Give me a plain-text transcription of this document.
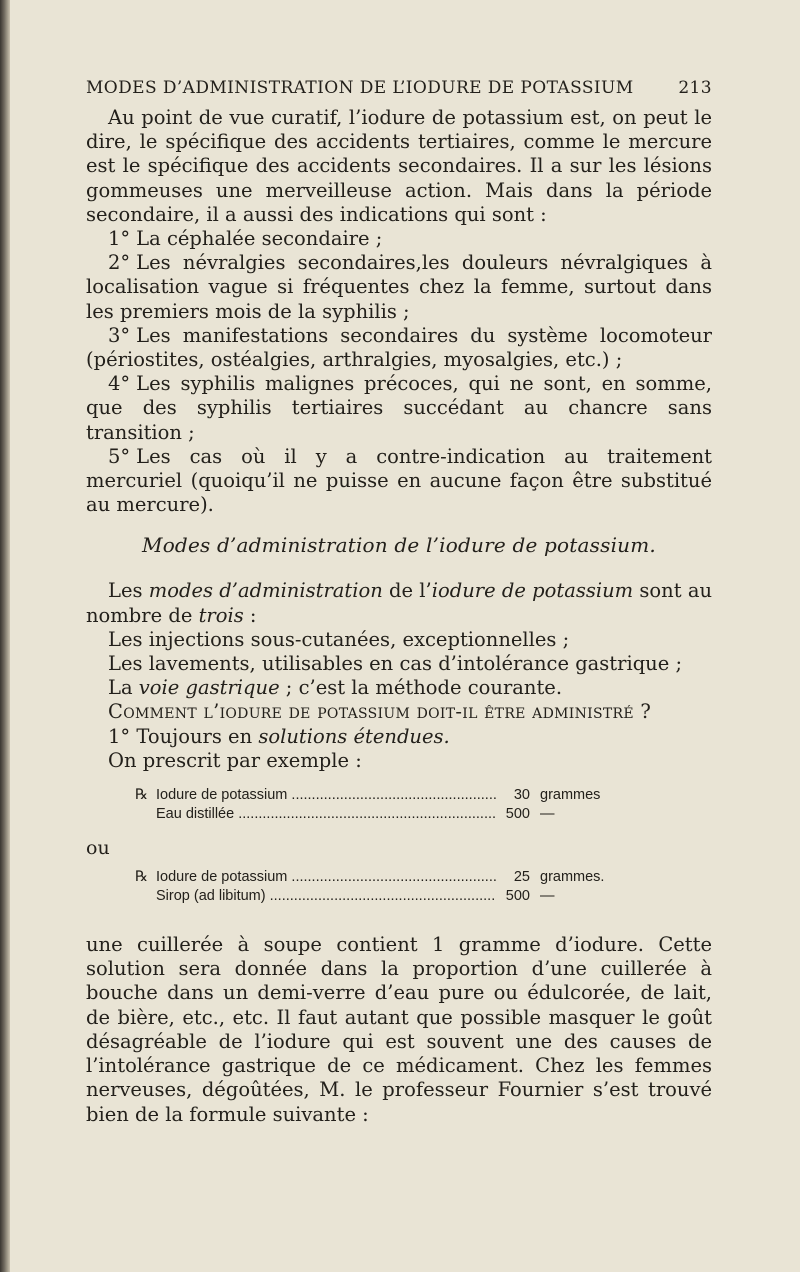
MODES D’ADMINISTRATION DE L’IODURE DE POTASSIUM	213

Au point de vue curatif, l’iodure de potassium est, on peut le dire, le spécifique des accidents tertiaires, comme le mercure est le spécifique des accidents secondaires. Il a sur les lésions gommeuses une merveilleuse action. Mais dans la période secondaire, il a aussi des indications qui sont :

1° La céphalée secondaire ;

2° Les névralgies secondaires,les douleurs névralgiques à localisation vague si fréquentes chez la femme, surtout dans les premiers mois de la syphilis ;

3° Les manifestations secondaires du système locomoteur (périostites, ostéalgies, arthralgies, myosalgies, etc.) ;

4° Les syphilis malignes précoces, qui ne sont, en somme, que des syphilis tertiaires succédant au chancre sans transition ;

5° Les cas où il y a contre-indication au traitement mercuriel (quoiqu’il ne puisse en aucune façon être substitué au mercure).

Modes d’administration de l’iodure de potassium.

Les modes d’administration de l’iodure de potassium sont au nombre de trois :

Les injections sous-cutanées, exceptionnelles ;

Les lavements, utilisables en cas d’intolérance gastrique ;

La voie gastrique ; c’est la méthode courante.

Comment l’iodure de potassium doit-il être administré ?

1° Toujours en solutions étendues.

On prescrit par exemple :

℞ Iodure de potassium .....	30 grammes
Eau distillée .....	500 —
ou
℞ Iodure de potassium .....	25 grammes.
Sirop (ad libitum) .....	500 —

une cuillerée à soupe contient 1 gramme d’iodure. Cette solution sera donnée dans la proportion d’une cuillerée à bouche dans un demi-verre d’eau pure ou édulcorée, de lait, de bière, etc., etc. Il faut autant que possible masquer le goût désagréable de l’iodure qui est souvent une des causes de l’intolérance gastrique de ce médicament. Chez les femmes nerveuses, dégoûtées, M. le professeur Fournier s’est trouvé bien de la formule suivante :
